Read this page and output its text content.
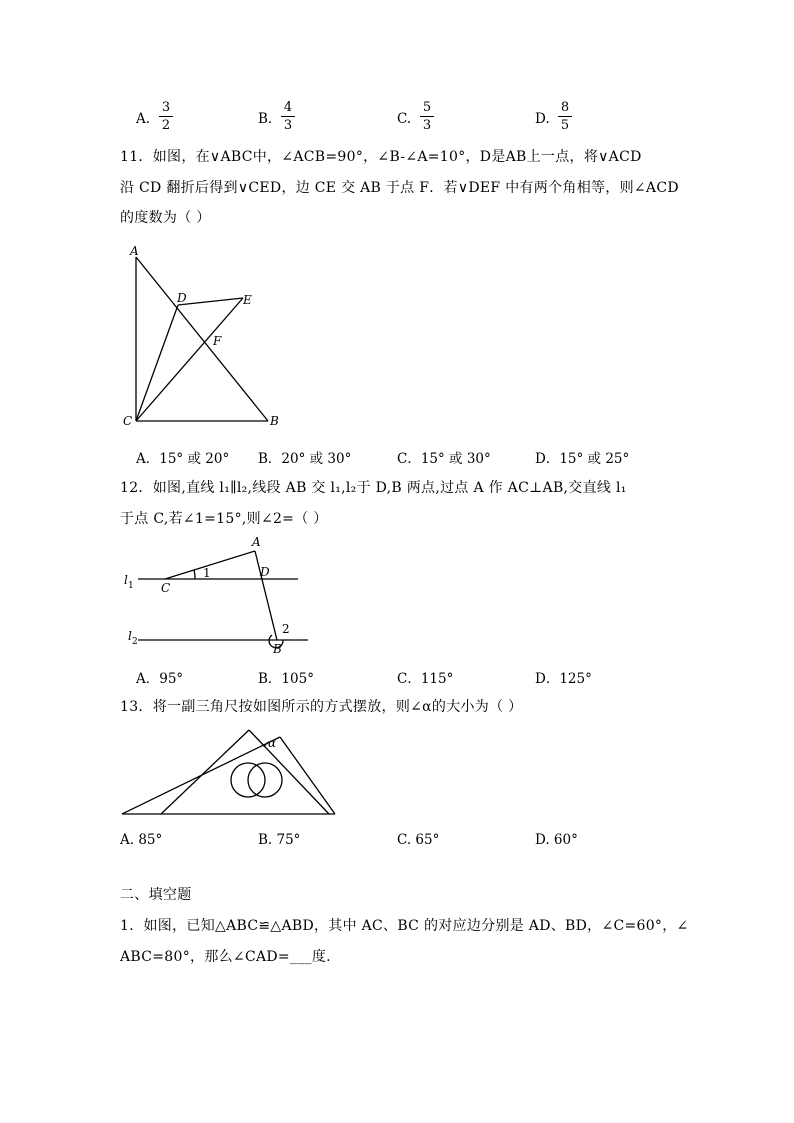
A.
3
2	B.
4
3	C.
5
3	D.
8
5
11．如图，在∨ABC中，∠ACB=90°，∠B-∠A=10°，D是AB上一点，将∨ACD
沿 CD 翻折后得到∨CED，边 CE 交 AB 于点 F．若∨DEF 中有两个角相等，则∠ACD
的度数为（ ）
A
D	E
F
C	B
A．15° 或 20° B．20° 或 30°	C．15° 或 30°	D．15° 或 25°
12．如图,直线 l₁∥l₂,线段 AB 交 l₁,l₂于 D,B 两点,过点 A 作 AC⊥AB,交直线 l₁
于点 C,若∠1=15°,则∠2=（ ）
A
D
C
1
B
2
l 1
l 2
A．95°	B．105°	C．115°	D．125°
13．将一副三角尺按如图所示的方式摆放，则∠α的大小为（ ）
α
A. 85°	B. 75°	C. 65°	D. 60°
二、填空题
1．如图，已知△ABC≌△ABD，其中 AC、BC 的对应边分别是 AD、BD，∠C=60°，∠
ABC=80°，那么∠CAD=___度.
